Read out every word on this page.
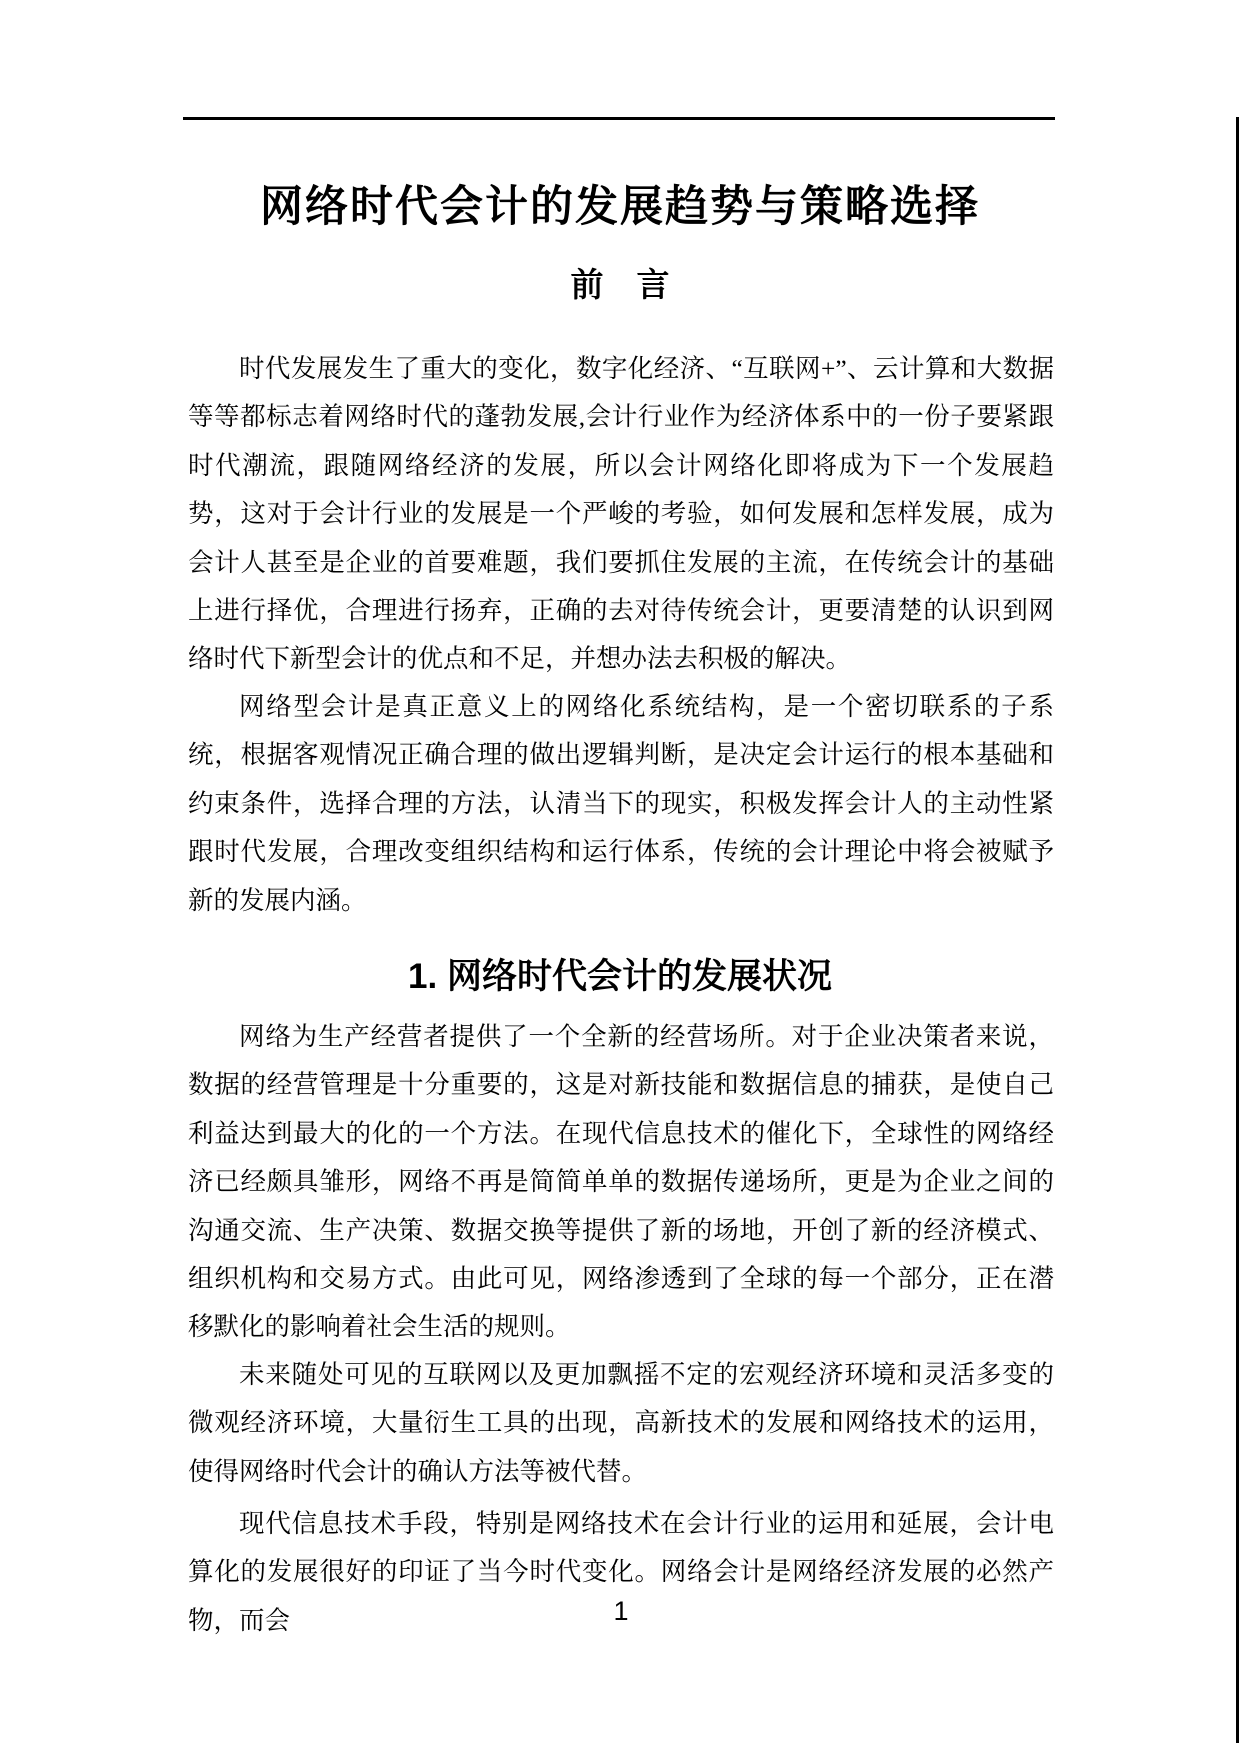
网络时代会计的发展趋势与策略选择
前　言

时代发展发生了重大的变化，数字化经济、“互联网+”、云计算和大数据等等都标志着网络时代的蓬勃发展,会计行业作为经济体系中的一份子要紧跟时代潮流，跟随网络经济的发展，所以会计网络化即将成为下一个发展趋势，这对于会计行业的发展是一个严峻的考验，如何发展和怎样发展，成为会计人甚至是企业的首要难题，我们要抓住发展的主流，在传统会计的基础上进行择优，合理进行扬弃，正确的去对待传统会计，更要清楚的认识到网络时代下新型会计的优点和不足，并想办法去积极的解决。

网络型会计是真正意义上的网络化系统结构，是一个密切联系的子系统，根据客观情况正确合理的做出逻辑判断，是决定会计运行的根本基础和约束条件，选择合理的方法，认清当下的现实，积极发挥会计人的主动性紧跟时代发展，合理改变组织结构和运行体系，传统的会计理论中将会被赋予新的发展内涵。

1. 网络时代会计的发展状况

网络为生产经营者提供了一个全新的经营场所。对于企业决策者来说，数据的经营管理是十分重要的，这是对新技能和数据信息的捕获，是使自己利益达到最大的化的一个方法。在现代信息技术的催化下，全球性的网络经济已经颇具雏形，网络不再是简简单单的数据传递场所，更是为企业之间的沟通交流、生产决策、数据交换等提供了新的场地，开创了新的经济模式、组织机构和交易方式。由此可见，网络渗透到了全球的每一个部分，正在潜移默化的影响着社会生活的规则。

未来随处可见的互联网以及更加飘摇不定的宏观经济环境和灵活多变的微观经济环境，大量衍生工具的出现，高新技术的发展和网络技术的运用，使得网络时代会计的确认方法等被代替。

现代信息技术手段，特别是网络技术在会计行业的运用和延展，会计电算化的发展很好的印证了当今时代变化。网络会计是网络经济发展的必然产物，而会	1
